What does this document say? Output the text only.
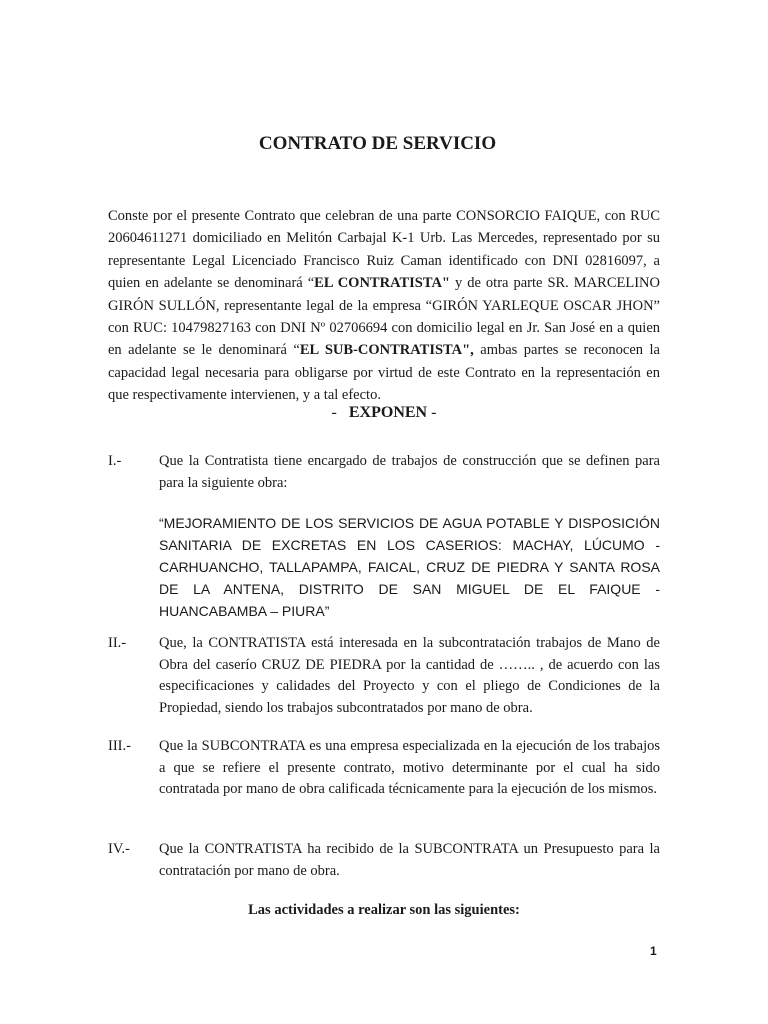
CONTRATO DE SERVICIO

Conste por el presente Contrato que celebran de una parte CONSORCIO FAIQUE, con RUC 20604611271 domiciliado en Melitón Carbajal K-1 Urb. Las Mercedes, representado por su representante Legal Licenciado Francisco Ruiz Caman identificado con DNI 02816097, a quien en adelante se denominará “EL CONTRATISTA" y de otra parte SR. MARCELINO GIRÓN SULLÓN, representante legal de la empresa “GIRÓN YARLEQUE OSCAR JHON” con RUC: 10479827163 con DNI Nº 02706694 con domicilio legal en Jr. San José en a quien en adelante se le denominará “EL SUB-CONTRATISTA", ambas partes se reconocen la capacidad legal necesaria para obligarse por virtud de este Contrato en la representación en que respectivamente intervienen, y a tal efecto.

-   EXPONEN -
I.-	Que la Contratista tiene encargado de trabajos de construcción que se definen para para la siguiente obra:

“MEJORAMIENTO DE LOS SERVICIOS DE AGUA POTABLE Y DISPOSICIÓN SANITARIA DE EXCRETAS EN LOS CASERIOS: MACHAY, LÚCUMO - CARHUANCHO, TALLAPAMPA, FAICAL, CRUZ DE PIEDRA Y SANTA ROSA DE LA ANTENA, DISTRITO DE SAN MIGUEL DE EL FAIQUE - HUANCABAMBA – PIURA”

II.- Que, la CONTRATISTA está interesada en la subcontratación trabajos de Mano de Obra del caserío CRUZ DE PIEDRA por la cantidad de …….. , de acuerdo con las especificaciones y calidades del Proyecto y con el pliego de Condiciones de la Propiedad, siendo los trabajos subcontratados por mano de obra.

III.- Que la SUBCONTRATA es una empresa especializada en la ejecución de los trabajos a que se refiere el presente contrato, motivo determinante por el cual ha sido contratada por mano de obra calificada técnicamente para la ejecución de los mismos.

IV.- Que la CONTRATISTA ha recibido de la SUBCONTRATA un Presupuesto para la contratación por mano de obra.

Las actividades a realizar son las siguientes:
1
